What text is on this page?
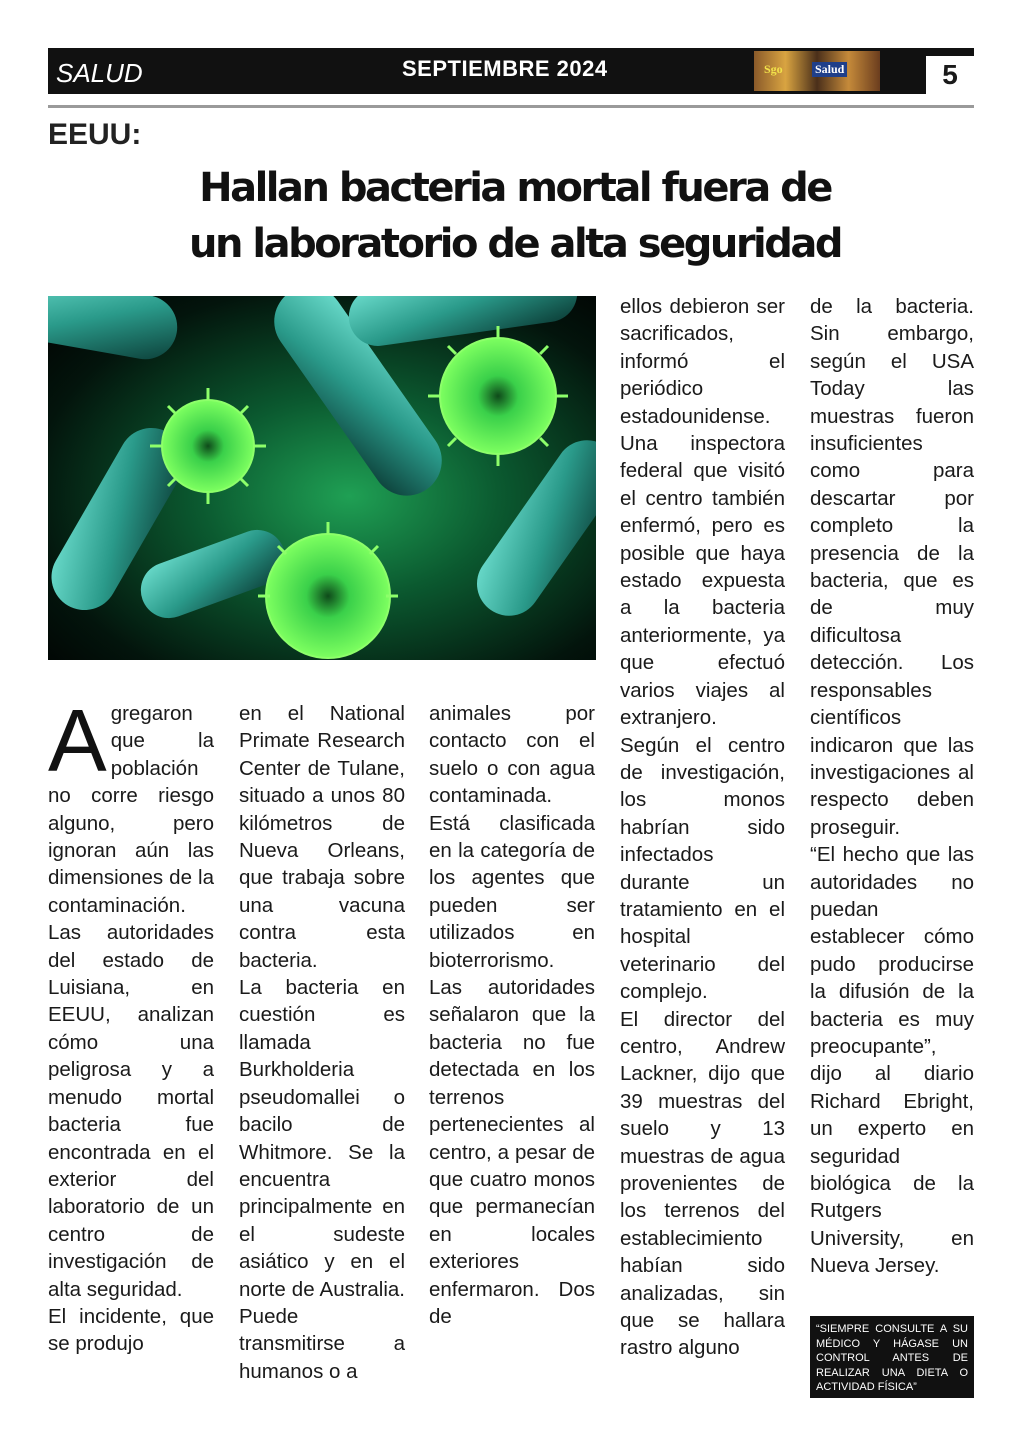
SALUD	SEPTIEMBRE 2024	Sgo	Salud	5
EEUU:
Hallan bacteria mortal fuera de
un laboratorio de alta seguridad
A gregaron que la población no corre riesgo alguno, pero ignoran aún las dimensiones de la contaminación.

Las autoridades del estado de Luisiana, en EEUU, analizan cómo una peligrosa y a menudo mortal bacteria fue encontrada en el exterior del laboratorio de un centro de investigación de alta seguridad.

El incidente, que se produjo

en el National Primate Research Center de Tulane, situado a unos 80 kilómetros de Nueva Orleans, que trabaja sobre una vacuna contra esta bacteria.

La bacteria en cuestión es llamada Burkholderia pseudomallei o bacilo de Whitmore. Se la encuentra principalmente en el sudeste asiático y en el norte de Australia. Puede transmitirse a humanos o a

animales por contacto con el suelo o con agua contaminada. Está clasificada en la categoría de los agentes que pueden ser utilizados en bioterrorismo.

Las autoridades señalaron que la bacteria no fue detectada en los terrenos pertenecientes al centro, a pesar de que cuatro monos que permanecían en locales exteriores enfermaron. Dos de

ellos debieron ser sacrificados, informó el periódico estadounidense.

Una inspectora federal que visitó el centro también enfermó, pero es posible que haya estado expuesta a la bacteria anteriormente, ya que efectuó varios viajes al extranjero.

Según el centro de investigación, los monos habrían sido infectados durante un tratamiento en el hospital veterinario del complejo.

El director del centro, Andrew Lackner, dijo que 39 muestras del suelo y 13 muestras de agua provenientes de los terrenos del establecimiento habían sido analizadas, sin que se hallara rastro alguno

de la bacteria. Sin embargo, según el USA Today las muestras fueron insuficientes como para descartar por completo la presencia de la bacteria, que es de muy dificultosa detección. Los responsables científicos indicaron que las investigaciones al respecto deben proseguir.

“El hecho que las autoridades no puedan establecer cómo pudo producirse la difusión de la bacteria es muy preocupante”, dijo al diario Richard Ebright, un experto en seguridad biológica de la Rutgers University, en Nueva Jersey.

“SIEMPRE CONSULTE A SU MÉDICO Y HÁGASE UN CONTROL ANTES DE REALIZAR UNA DIETA O ACTIVIDAD FÍSICA”
